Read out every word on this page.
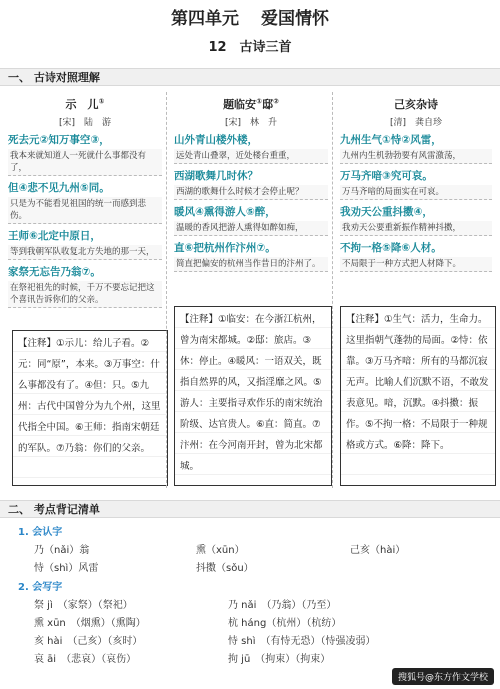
第四单元 爱国情怀
12　古诗三首
一、 古诗对照理解
示　儿①
[宋]　陆　游
死去元②知万事空③，
我本来就知道人一死就什么事都没有了，
但④悲不见九州⑤同。
只是为不能看见祖国的统一而感到悲伤。
王师⑥北定中原日，
等到我朝军队收复北方失地的那一天，
家祭无忘告乃翁⑦。
在祭祀祖先的时候，千万不要忘记把这个喜讯告诉你们的父亲。
【注释】①示儿：给儿子看。②元：同“原”，本来。③万事空：什么事都没有了。④但：只。⑤九州：古代中国曾分为九个州，这里代指全中国。⑥王师：指南宋朝廷的军队。⑦乃翁：你们的父亲。
题临安①邸②
[宋]　林　升
山外青山楼外楼，
远处青山叠翠，近处楼台重重，
西湖歌舞几时休？
西湖的歌舞什么时候才会停止呢？
暖风④熏得游人⑤醉，
温暖的香风把游人熏得如醉如痴，
直⑥把杭州作汴州⑦。
简直把偏安的杭州当作昔日的汴州了。
【注释】①临安：在今浙江杭州，曾为南宋都城。②邸：旅店。③休：停止。④暖风：一语双关，既指自然界的风，又指淫靡之风。⑤游人：主要指寻欢作乐的南宋统治阶级、达官贵人。⑥直：简直。⑦汴州：在今河南开封，曾为北宋都城。
己亥杂诗
[清]　龚自珍
九州生气①恃②风雷，
九州内生机勃勃要有风雷激荡，
万马齐喑③究可哀。
万马齐喑的局面实在可哀。
我劝天公重抖擞④，
我劝天公要重新振作精神抖擞，
不拘一格⑤降⑥人材。
不局限于一种方式把人材降下。
【注释】①生气：活力，生命力。这里指朝气蓬勃的局面。②恃：依靠。③万马齐喑：所有的马都沉寂无声。比喻人们沉默不语，不敢发表意见。喑，沉默。④抖擞：振作。⑤不拘一格：不局限于一种规格或方式。⑥降：降下。
二、 考点背记清单
1. 会认字
乃（nǎi）翁	熏（xūn）	己亥（hài）
恃（shì）风雷	抖擞（sǒu）
2. 会写字
祭 jì　（家祭）（祭祀）	乃 nǎi　（乃翁）（乃至）
熏 xūn　（烟熏）（熏陶）	杭 háng（杭州）（杭纺）
亥 hài　（己亥）（亥时）	恃 shì　（有恃无恐）（恃强凌弱）
哀 āi　（悲哀）（哀伤）	拘 jū　（拘束）（拘束）
搜狐号@东方作文学校
